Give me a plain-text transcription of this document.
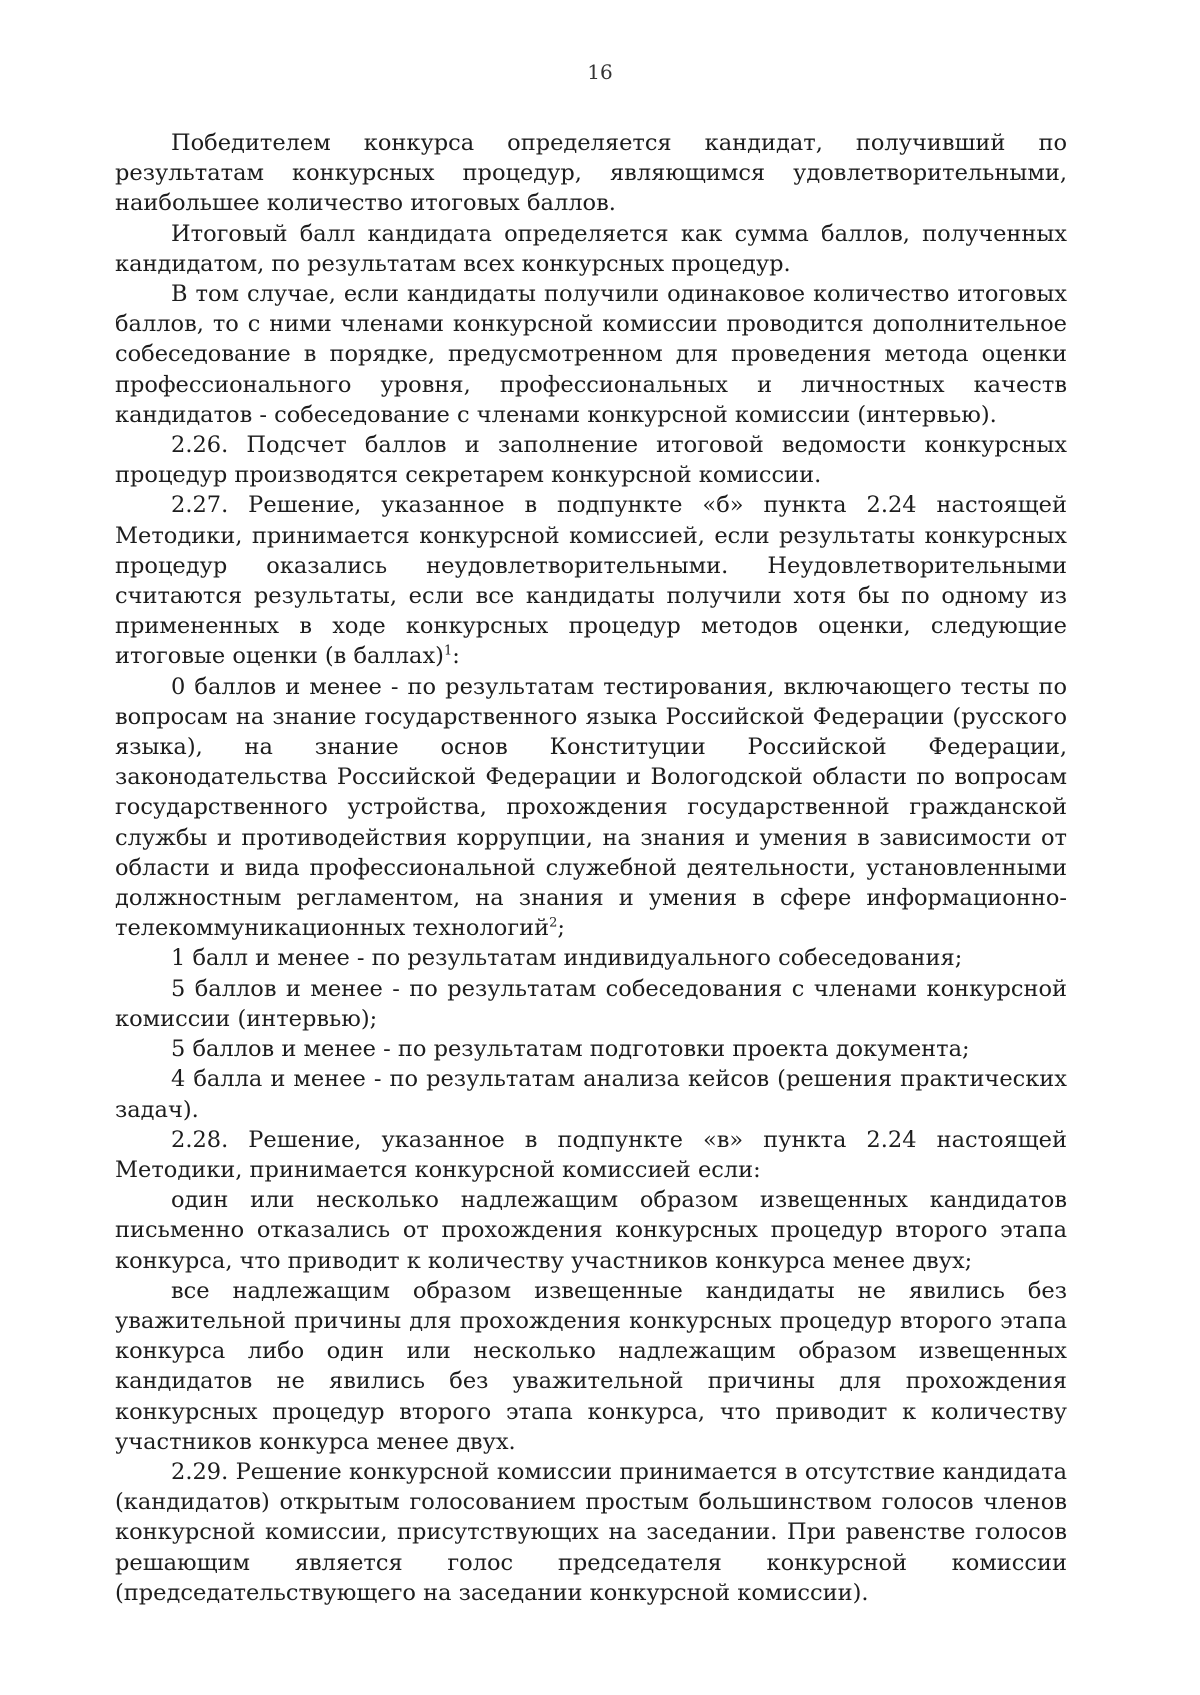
16

Победителем конкурса определяется кандидат, получивший по результатам конкурсных процедур, являющимся удовлетворительными, наибольшее количество итоговых баллов.

Итоговый балл кандидата определяется как сумма баллов, полученных кандидатом, по результатам всех конкурсных процедур.

В том случае, если кандидаты получили одинаковое количество итоговых баллов, то с ними членами конкурсной комиссии проводится дополнительное собеседование в порядке, предусмотренном для проведения метода оценки профессионального уровня, профессиональных и личностных качеств кандидатов - собеседование с членами конкурсной комиссии (интервью).

2.26. Подсчет баллов и заполнение итоговой ведомости конкурсных процедур производятся секретарем конкурсной комиссии.

2.27. Решение, указанное в подпункте «б» пункта 2.24 настоящей Методики, принимается конкурсной комиссией, если результаты конкурсных процедур оказались неудовлетворительными. Неудовлетворительными считаются результаты, если все кандидаты получили хотя бы по одному из примененных в ходе конкурсных процедур методов оценки, следующие итоговые оценки (в баллах)$^1$:

0 баллов и менее - по результатам тестирования, включающего тесты по вопросам на знание государственного языка Российской Федерации (русского языка), на знание основ Конституции Российской Федерации, законодательства Российской Федерации и Вологодской области по вопросам государственного устройства, прохождения государственной гражданской службы и противодействия коррупции, на знания и умения в зависимости от области и вида профессиональной служебной деятельности, установленными должностным регламентом, на знания и умения в сфере информационно-телекоммуникационных технологий$^2$;

1 балл и менее - по результатам индивидуального собеседования;

5 баллов и менее - по результатам собеседования с членами конкурсной комиссии (интервью);

5 баллов и менее - по результатам подготовки проекта документа;

4 балла и менее - по результатам анализа кейсов (решения практических задач).

2.28. Решение, указанное в подпункте «в» пункта 2.24 настоящей Методики, принимается конкурсной комиссией если:

один или несколько надлежащим образом извещенных кандидатов письменно отказались от прохождения конкурсных процедур второго этапа конкурса, что приводит к количеству участников конкурса менее двух;

все надлежащим образом извещенные кандидаты не явились без уважительной причины для прохождения конкурсных процедур второго этапа конкурса либо один или несколько надлежащим образом извещенных кандидатов не явились без уважительной причины для прохождения конкурсных процедур второго этапа конкурса, что приводит к количеству участников конкурса менее двух.

2.29. Решение конкурсной комиссии принимается в отсутствие кандидата (кандидатов) открытым голосованием простым большинством голосов членов конкурсной комиссии, присутствующих на заседании. При равенстве голосов решающим является голос председателя конкурсной комиссии (председательствующего на заседании конкурсной комиссии).
